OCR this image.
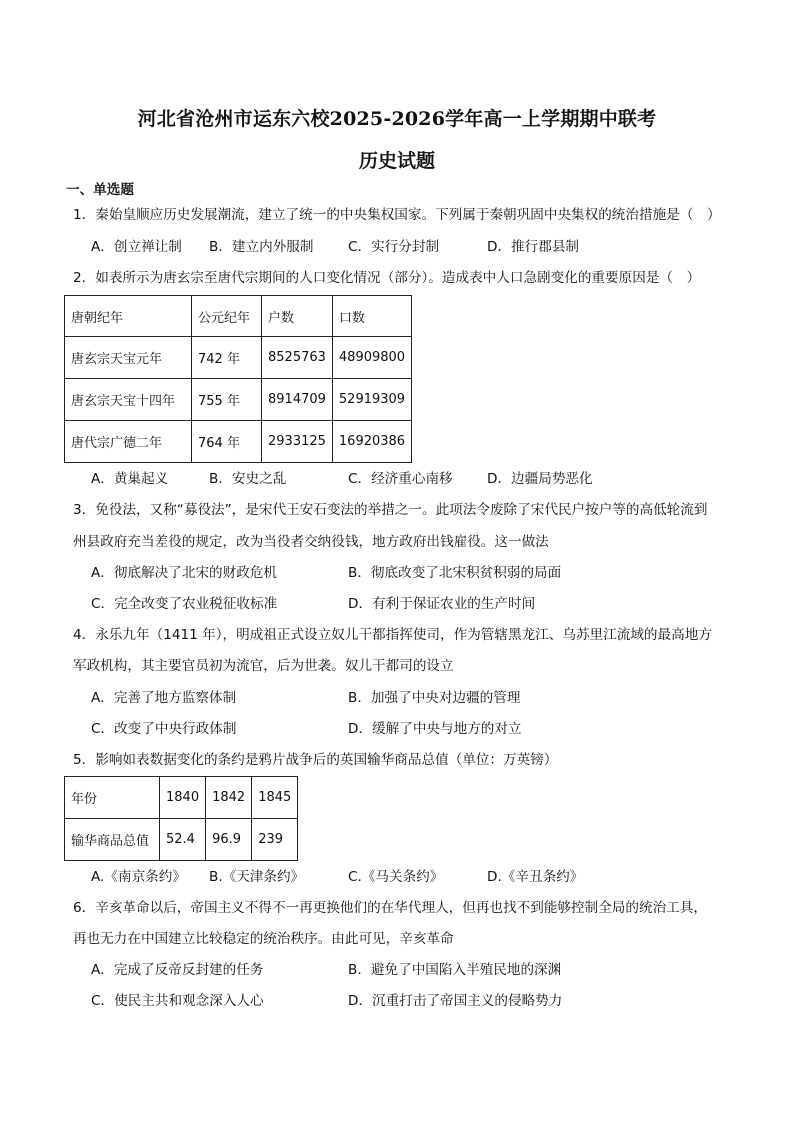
河北省沧州市运东六校2025-2026学年高一上学期期中联考
历史试题
一、单选题
1．秦始皇顺应历史发展潮流，建立了统一的中央集权国家。下列属于秦朝巩固中央集权的统治措施是（　）
A．创立禅让制 B．建立内外服制	C．实行分封制	D．推行郡县制
2．如表所示为唐玄宗至唐代宗期间的人口变化情况（部分）。造成表中人口急剧变化的重要原因是（　）
唐朝纪年	公元纪年	户数	口数
唐玄宗天宝元年	742 年	8525763	48909800
唐玄宗天宝十四年	755 年	8914709	52919309
唐代宗广德二年	764 年	2933125	16920386
A．黄巢起义	B．安史之乱	C．经济重心南移	D．边疆局势恶化
3．免役法，又称“募役法”，是宋代王安石变法的举措之一。此项法令废除了宋代民户按户等的高低轮流到
州县政府充当差役的规定，改为当役者交纳役钱，地方政府出钱雇役。这一做法
A．彻底解决了北宋的财政危机	B．彻底改变了北宋积贫积弱的局面
C．完全改变了农业税征收标准	D．有利于保证农业的生产时间
4．永乐九年（1411 年），明成祖正式设立奴儿干都指挥使司，作为管辖黑龙江、乌苏里江流域的最高地方
军政机构，其主要官员初为流官，后为世袭。奴儿干都司的设立
A．完善了地方监察体制	B．加强了中央对边疆的管理
C．改变了中央行政体制	D．缓解了中央与地方的对立
5．影响如表数据变化的条约是鸦片战争后的英国输华商品总值（单位：万英镑）
年份	1840	1842	1845
输华商品总值	52.4	96.9	239
A.《南京条约》 B.《天津条约》	C.《马关条约》	D.《辛丑条约》
6．辛亥革命以后，帝国主义不得不一再更换他们的在华代理人，但再也找不到能够控制全局的统治工具，
再也无力在中国建立比较稳定的统治秩序。由此可见，辛亥革命
A．完成了反帝反封建的任务	B．避免了中国陷入半殖民地的深渊
C．使民主共和观念深入人心	D．沉重打击了帝国主义的侵略势力
